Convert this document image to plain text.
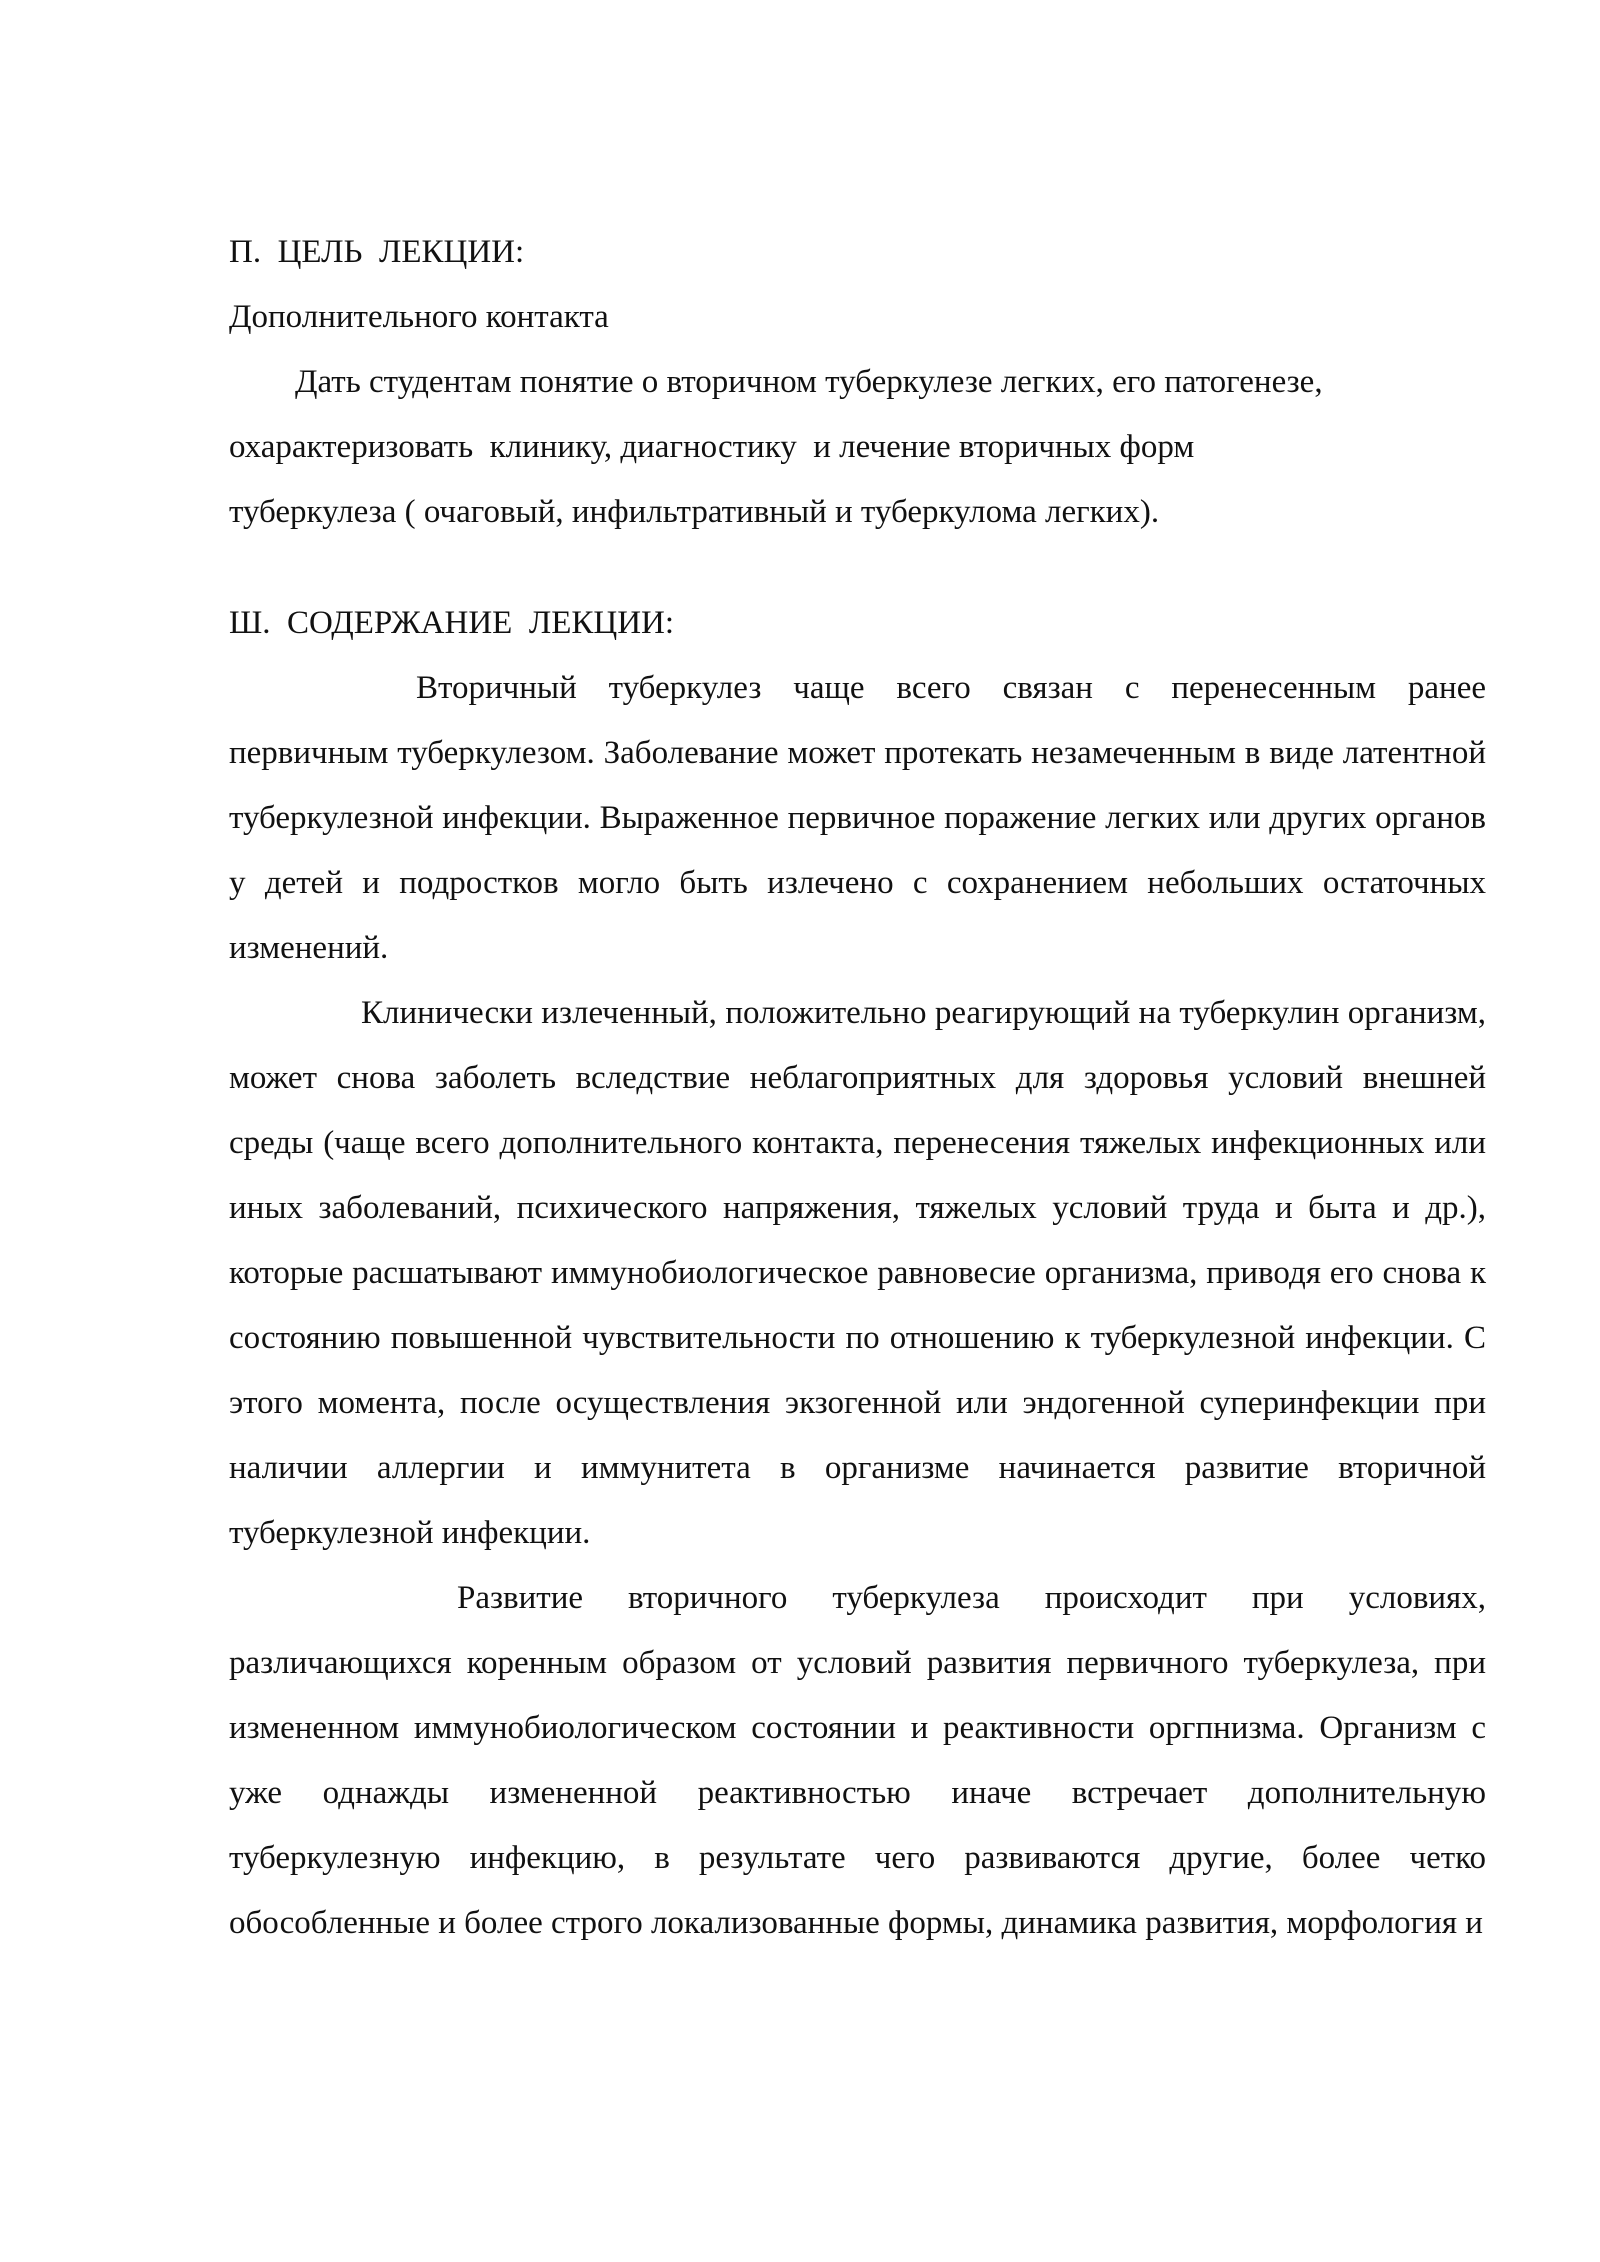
П.  ЦЕЛЬ  ЛЕКЦИИ:

Дополнительного контакта

Дать студентам понятие о вторичном туберкулезе легких, его патогенезе,
охарактеризовать  клинику, диагностику  и лечение вторичных форм
туберкулеза ( очаговый, инфильтративный и туберкулома легких).

Ш.  СОДЕРЖАНИЕ  ЛЕКЦИИ:

Вторичный туберкулез чаще всего связан с перенесенным ранее первичным туберкулезом. Заболевание может протекать незамеченным в виде латентной туберкулезной инфекции. Выраженное первичное поражение легких или других органов у детей и подростков могло быть излечено с сохранением небольших остаточных изменений.

Клинически излеченный, положительно реагирующий на туберкулин организм, может снова заболеть вследствие неблагоприятных для здоровья условий внешней среды (чаще всего дополнительного контакта, перенесения тяжелых инфекционных или иных заболеваний, психического напряжения, тяжелых условий труда и быта и др.), которые расшатывают иммунобиологическое равновесие организма, приводя его снова к состоянию повышенной чувствительности по отношению к туберкулезной инфекции. С этого момента, после осуществления экзогенной или эндогенной суперинфекции при наличии аллергии и иммунитета в организме начинается развитие вторичной туберкулезной инфекции.

Развитие вторичного туберкулеза происходит при условиях, различающихся коренным образом от условий развития первичного туберкулеза, при измененном иммунобиологическом состоянии и реактивности оргпнизма. Организм с уже однажды измененной реактивностью иначе встречает дополнительную туберкулезную инфекцию, в результате чего развиваются другие, более четко обособленные и более строго локализованные формы, динамика развития, морфология и
